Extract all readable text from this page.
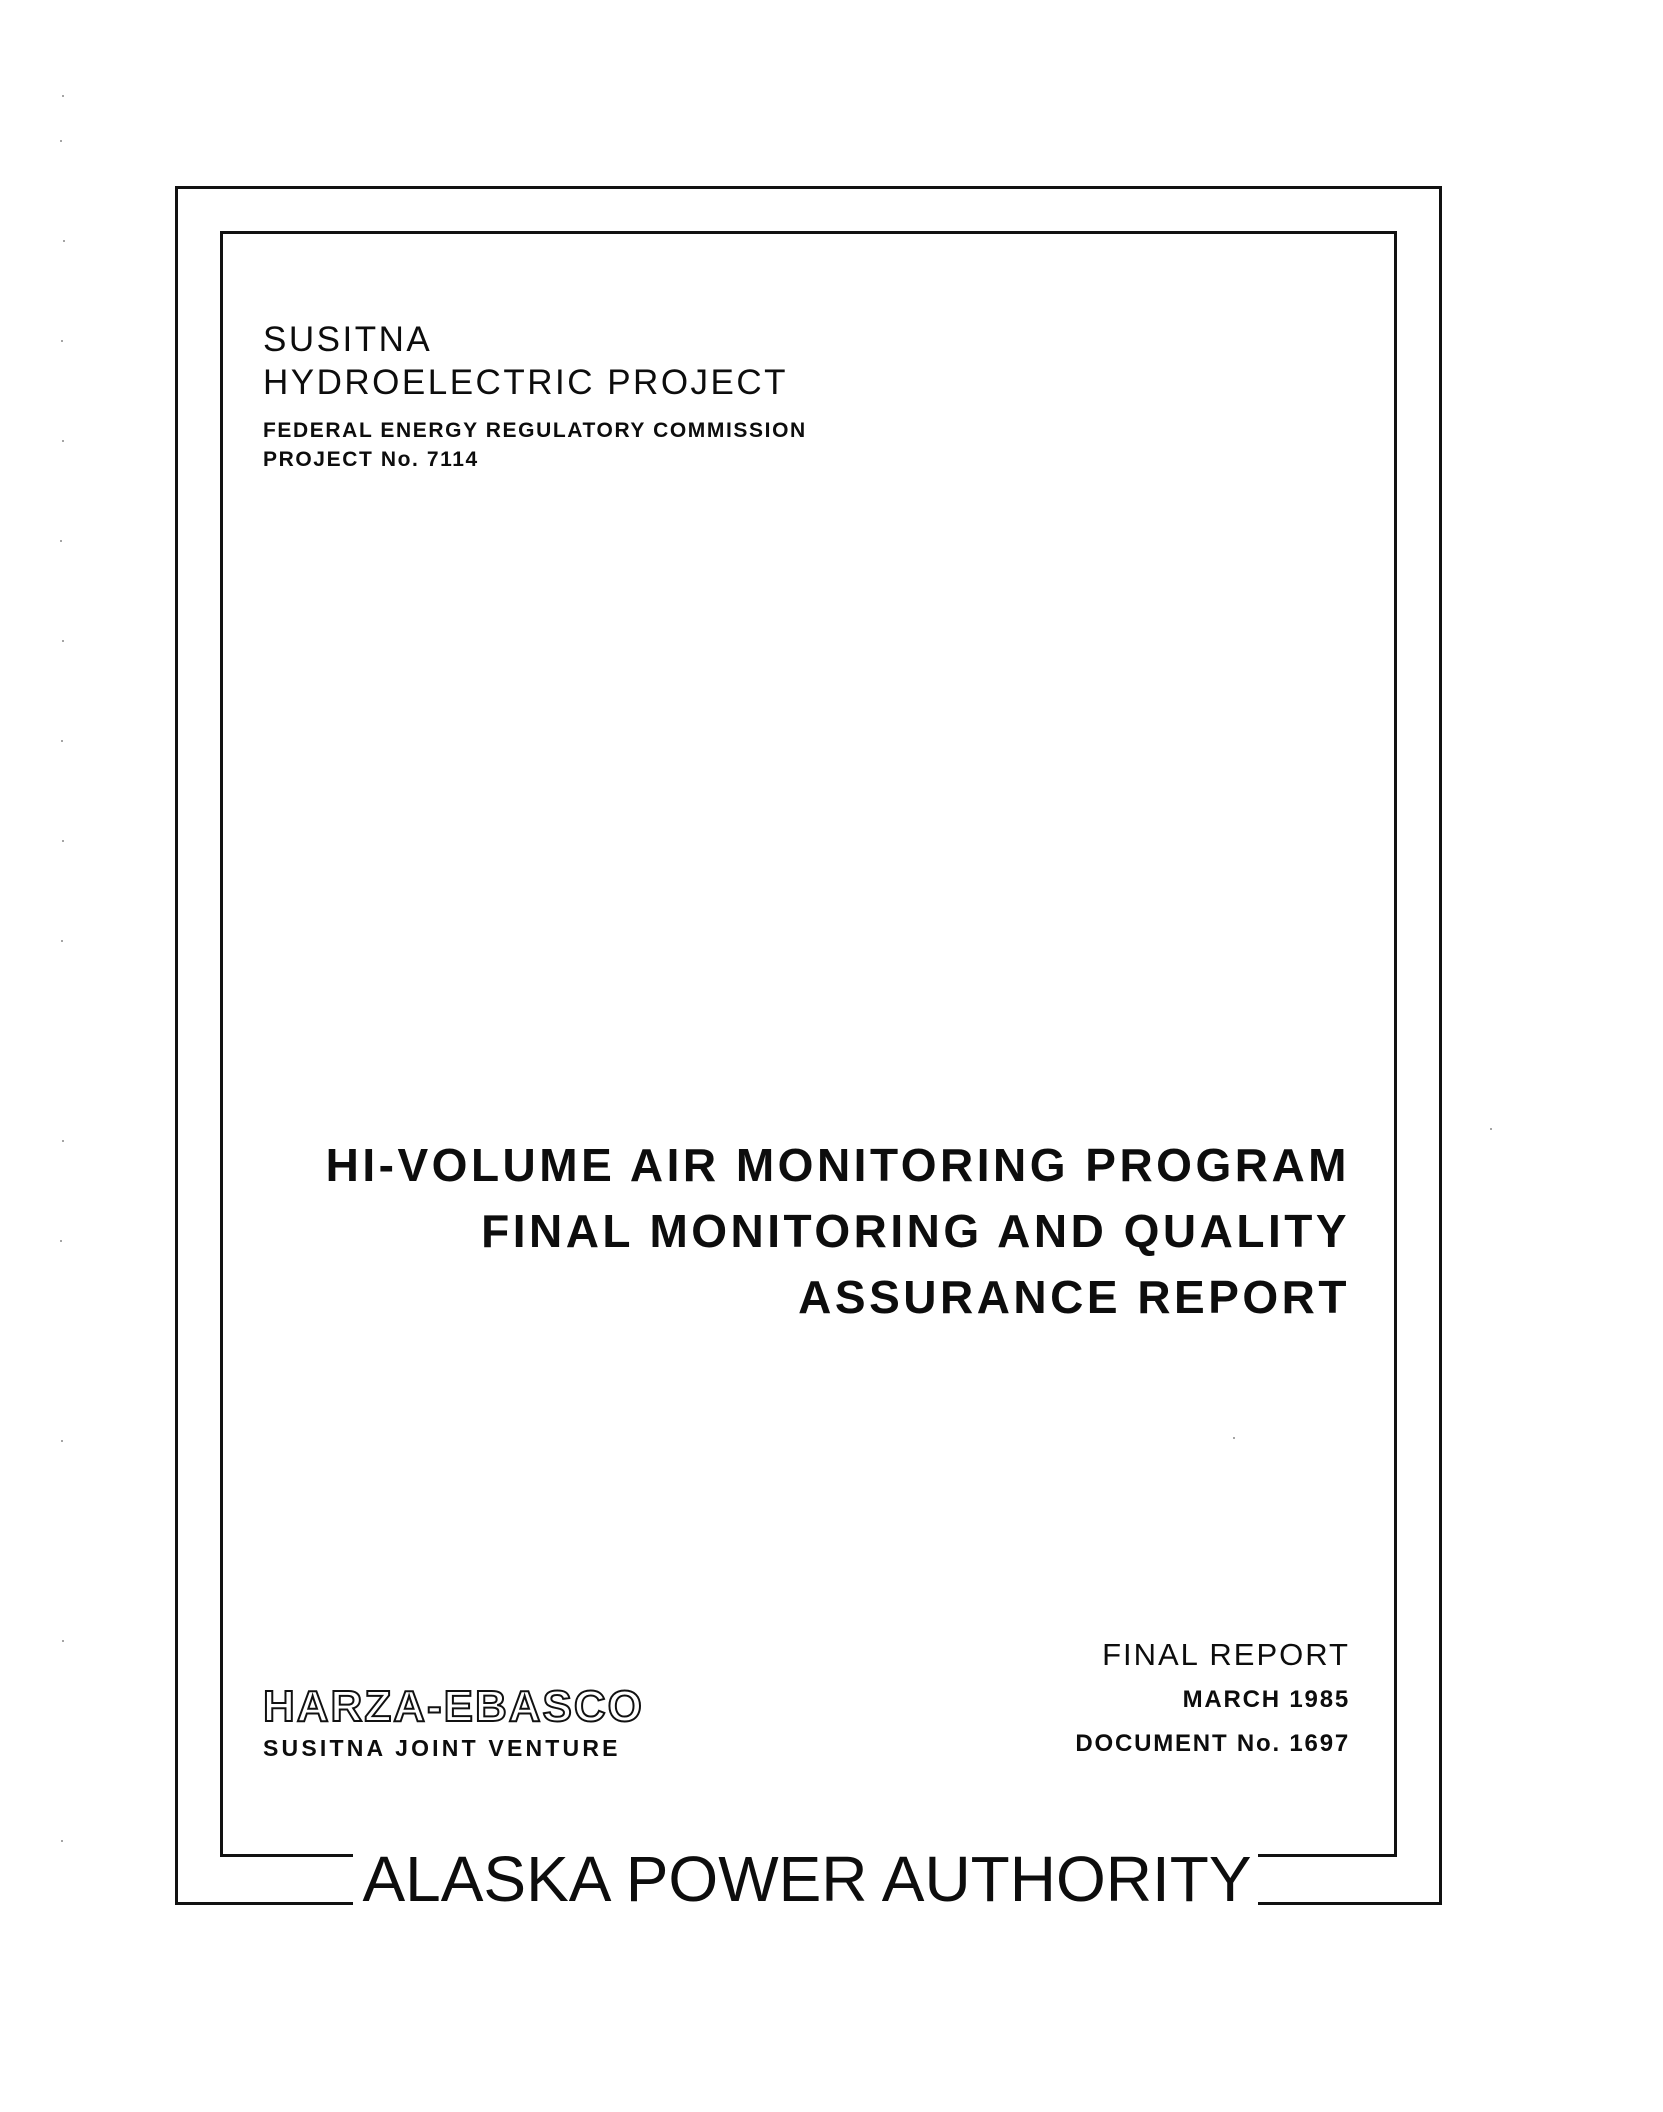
SUSITNA
HYDROELECTRIC PROJECT
FEDERAL ENERGY REGULATORY COMMISSION
PROJECT No. 7114
HI-VOLUME AIR MONITORING PROGRAM
FINAL MONITORING AND QUALITY
ASSURANCE REPORT
HARZA-EBASCO
SUSITNA JOINT VENTURE
FINAL REPORT
MARCH 1985
DOCUMENT No. 1697
ALASKA POWER AUTHORITY
